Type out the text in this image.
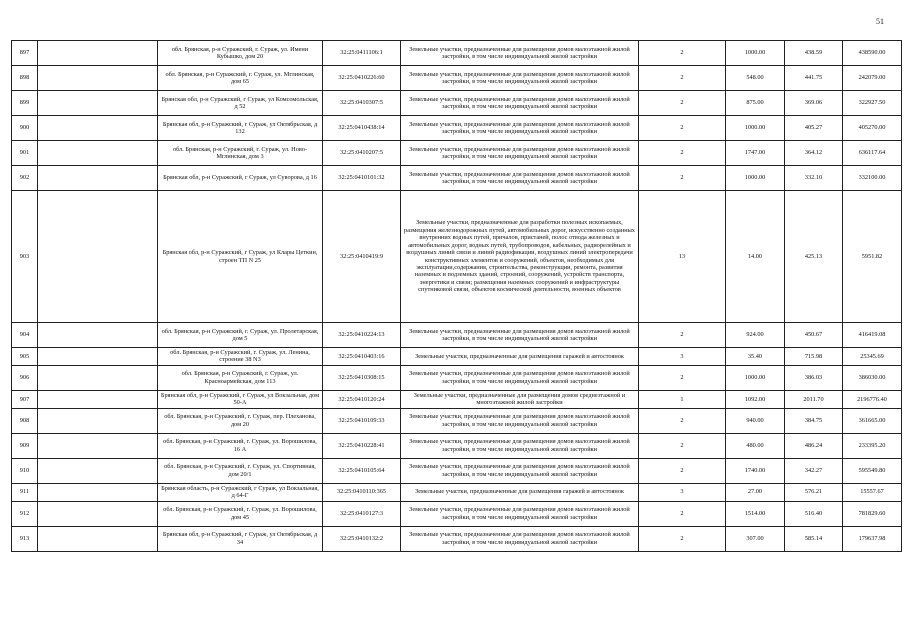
51
897		обл. Брянская, р-н Суражский, г. Сураж, ул. Имени Кубышко, дом 20	32:25:0411106:1	Земельные участки, предназначенные для размещения домов малоэтажной жилой застройки, в том числе индивидуальной жилой застройки	2	1000.00	438.59	438590.00
898		обл. Брянская, р-н Суражский, г. Сураж, ул. Мглинская, дом 65	32:25:0410226:60	Земельные участки, предназначенные для размещения домов малоэтажной жилой застройки, в том числе индивидуальной жилой застройки	2	548.00	441.75	242079.00
899		Брянская обл, р-н Суражский, г Сураж, ул Комсомольская, д 52	32:25:0410307:5	Земельные участки, предназначенные для размещения домов малоэтажной жилой застройки, в том числе индивидуальной жилой застройки	2	875.00	369.06	322927.50
900		Брянская обл, р-н Суражский, г Сураж, ул Октябрьская, д 132	32:25:0410438:14	Земельные участки, предназначенные для размещения домов малоэтажной жилой застройки, в том числе индивидуальной жилой застройки	2	1000.00	405.27	405270.00
901		обл. Брянская, р-н Суражский, г. Сураж, ул. Ново-Мглинская, дом 3	32:25:0410207:5	Земельные участки, предназначенные для размещения домов малоэтажной жилой застройки, в том числе индивидуальной жилой застройки	2	1747.00	364.12	636117.64
902		Брянская обл, р-н Суражский, г Сураж, ул Суворова, д 16	32:25:0410101:32	Земельные участки, предназначенные для размещения домов малоэтажной жилой застройки, в том числе индивидуальной жилой застройки	2	1000.00	332.10	332100.00
903		Брянская обл, р-н Суражский, г Сураж, ул Клары Цеткин, строен ТП N 25	32:25:0410419:9	Земельные участки, предназначенные для разработки полезных ископаемых, размещения железнодорожных путей, автомобильных дорог, искусственно созданных внутренних водных путей, причалов, пристаней, полос отвода железных и автомобильных дорог, водных путей, трубопроводов, кабельных, радиорелейных и воздушных линий связи и линий радиофикации, воздушных линий электропередачи конструктивных элементов и сооружений, объектов, необходимых для эксплуатации,содержания, строительства, реконструкции, ремонта, развития наземных и подземных зданий, строений, сооружений, устройств транспорта, энергетики и связи; размещения наземных сооружений и инфраструктуры спутниковой связи, объектов космической деятельности, военных объектов	13	14.00	425.13	5951.82
904		обл. Брянская, р-н Суражский, г. Сураж, ул. Пролетарская, дом 5	32:25:0410224:13	Земельные участки, предназначенные для размещения домов малоэтажной жилой застройки, в том числе индивидуальной жилой застройки	2	924.00	450.67	416419.08
905		обл. Брянская, р-н Суражский, г. Сураж, ул. Ленина, строение 38 N3	32:25:0410403:16	Земельные участки, предназначенные для размещения гаражей и автостоянок	3	35.40	715.98	25345.69
906		обл. Брянская, р-н Суражский, г. Сураж, ул. Красноармейская, дом 113	32:25:0410308:15	Земельные участки, предназначенные для размещения домов малоэтажной жилой застройки, в том числе индивидуальной жилой застройки	2	1000.00	386.03	386030.00
907		Брянская обл, р-н Суражский, г Сураж, ул Вокзальная, дом 50-А	32:25:0410120:24	Земельные участки, предназначенные для размещения домов среднеэтажной и многоэтажной жилой застройки	1	1092.00	2011.70	2196776.40
908		обл. Брянская, р-н Суражский, г. Сураж, пер. Плеханова, дом 20	32:25:0410109:33	Земельные участки, предназначенные для размещения домов малоэтажной жилой застройки, в том числе индивидуальной жилой застройки	2	940.00	384.75	361665.00
909		обл. Брянская, р-н Суражский, г. Сураж, ул. Ворошилова, 16 А	32:25:0410228:41	Земельные участки, предназначенные для размещения домов малоэтажной жилой застройки, в том числе индивидуальной жилой застройки	2	480.00	486.24	233395.20
910		обл. Брянская, р-н Суражский, г. Сураж, ул. Спортивная, дом 20/1	32:25:0410105:64	Земельные участки, предназначенные для размещения домов малоэтажной жилой застройки, в том числе индивидуальной жилой застройки	2	1740.00	342.27	595549.80
911		Брянская область, р-н Суражский, г Сураж, ул Вокзальная, д 64-Г	32:25:0410110:365	Земельные участки, предназначенные для размещения гаражей и автостоянок	3	27.00	576.21	15557.67
912		обл. Брянская, р-н Суражский, г. Сураж, ул. Ворошилова, дом 45	32:25:0410127:3	Земельные участки, предназначенные для размещения домов малоэтажной жилой застройки, в том числе индивидуальной жилой застройки	2	1514.00	516.40	781829.60
913		Брянская обл, р-н Суражский, г Сураж, ул Октябрьская, д 34	32:25:0410132:2	Земельные участки, предназначенные для размещения домов малоэтажной жилой застройки, в том числе индивидуальной жилой застройки	2	307.00	585.14	179637.98
